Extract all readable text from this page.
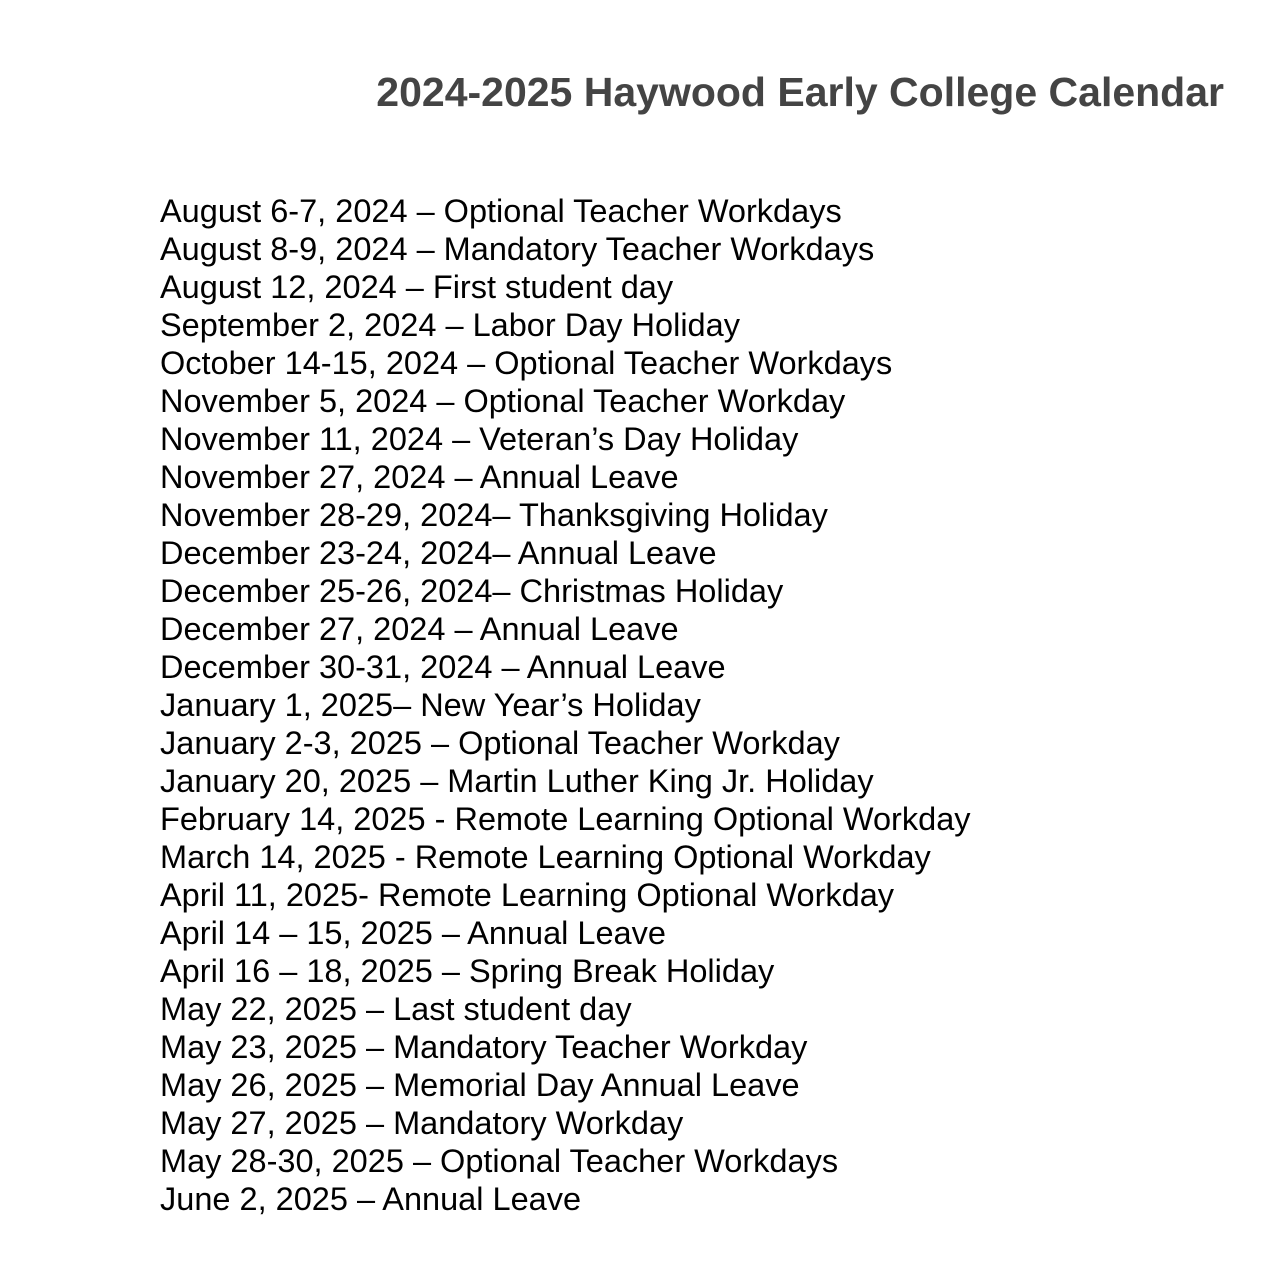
2024-2025 Haywood Early College Calendar
August 6-7, 2024 – Optional Teacher Workdays
August 8-9, 2024 – Mandatory Teacher Workdays
August 12, 2024 – First student day
September 2, 2024 – Labor Day Holiday
October 14-15, 2024 – Optional Teacher Workdays
November 5, 2024 – Optional Teacher Workday
November 11, 2024 – Veteran’s Day Holiday
November 27, 2024 – Annual Leave
November 28-29, 2024– Thanksgiving Holiday
December 23-24, 2024– Annual Leave
December 25-26, 2024– Christmas Holiday
December 27, 2024 – Annual Leave
December 30-31, 2024 – Annual Leave
January 1, 2025– New Year’s Holiday
January 2-3, 2025 – Optional Teacher Workday
January 20, 2025 – Martin Luther King Jr. Holiday
February 14, 2025 - Remote Learning Optional Workday
March 14, 2025 - Remote Learning Optional Workday
April 11, 2025- Remote Learning Optional Workday
April 14 – 15, 2025 – Annual Leave
April 16 – 18, 2025 – Spring Break Holiday
May 22, 2025 – Last student day
May 23, 2025 – Mandatory Teacher Workday
May 26, 2025 – Memorial Day Annual Leave
May 27, 2025 – Mandatory Workday
May 28-30, 2025 – Optional Teacher Workdays
June 2, 2025 – Annual Leave
